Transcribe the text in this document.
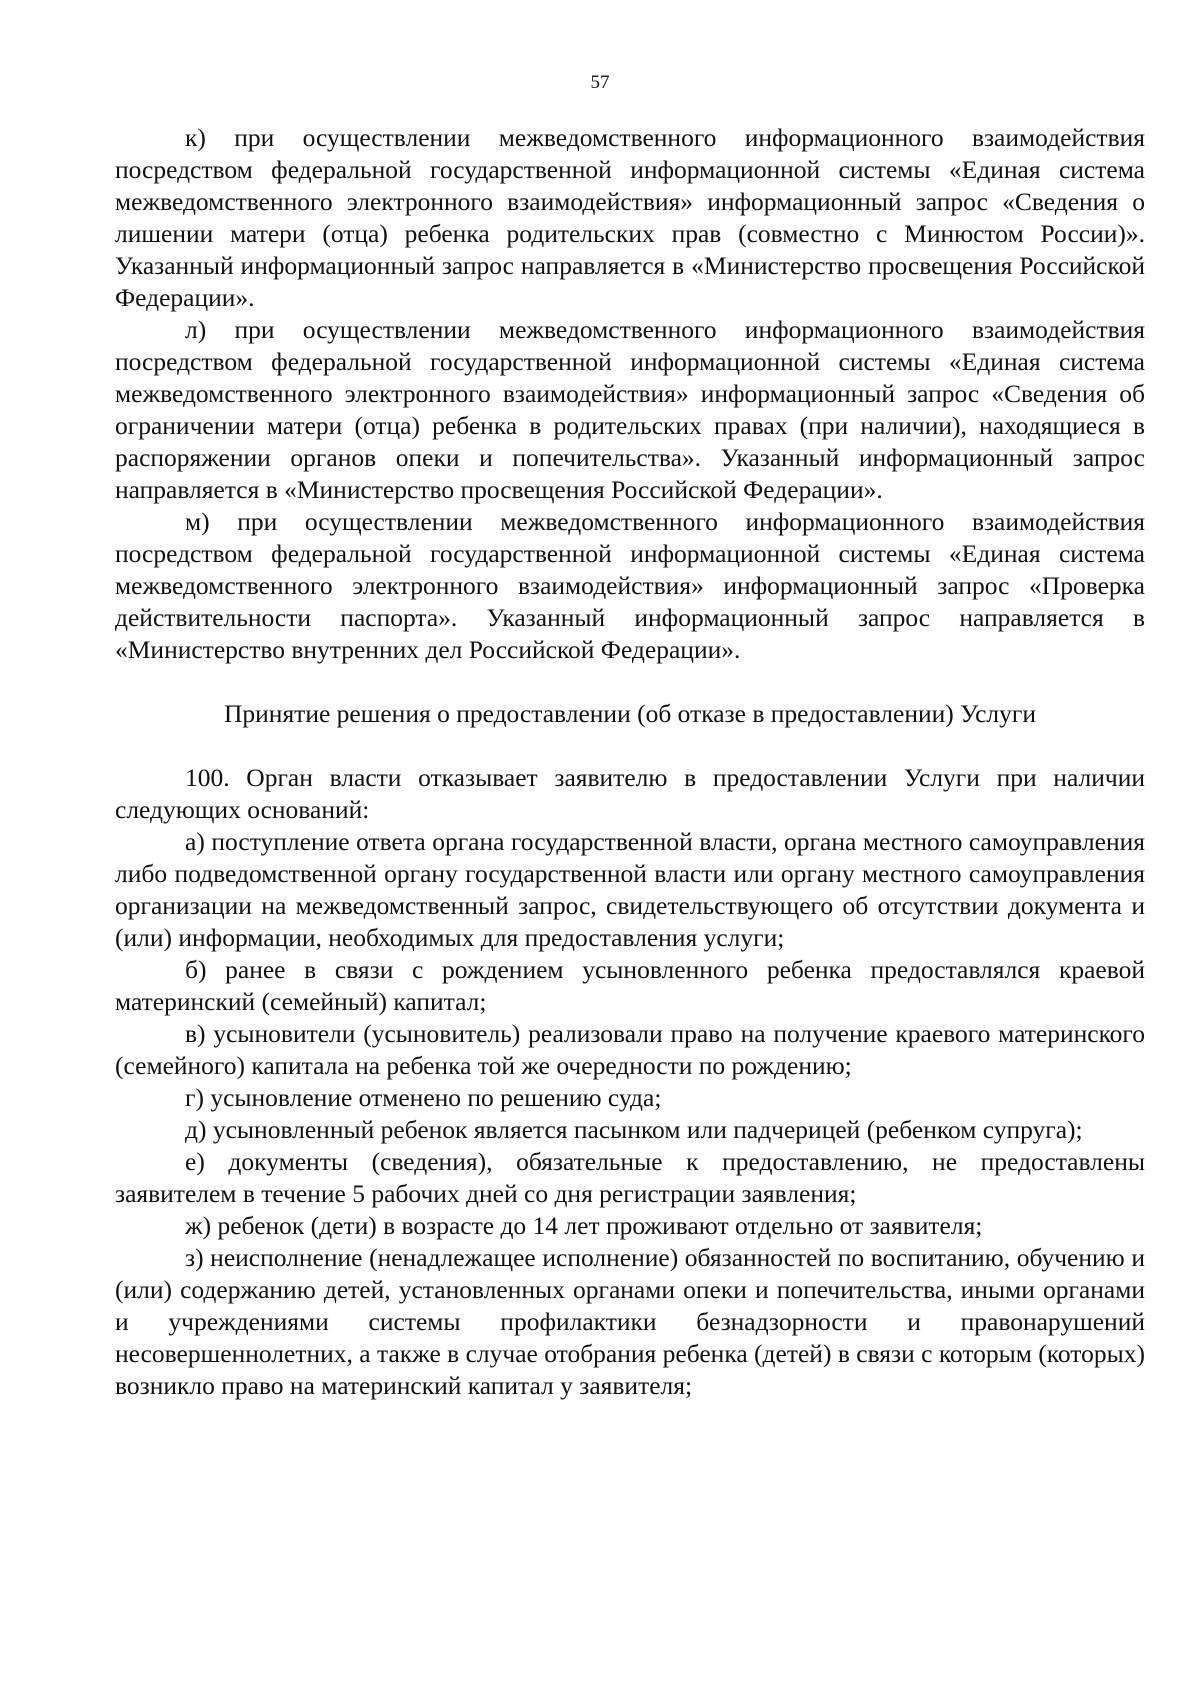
57

к) при осуществлении межведомственного информационного взаимодействия посредством федеральной государственной информационной системы «Единая система межведомственного электронного взаимодействия» информационный запрос «Сведения о лишении матери (отца) ребенка родительских прав (совместно с Минюстом России)». Указанный информационный запрос направляется в «Министерство просвещения Российской Федерации».

л) при осуществлении межведомственного информационного взаимодействия посредством федеральной государственной информационной системы «Единая система межведомственного электронного взаимодействия» информационный запрос «Сведения об ограничении матери (отца) ребенка в родительских правах (при наличии), находящиеся в распоряжении органов опеки и попечительства». Указанный информационный запрос направляется в «Министерство просвещения Российской Федерации».

м) при осуществлении межведомственного информационного взаимодействия посредством федеральной государственной информационной системы «Единая система межведомственного электронного взаимодействия» информационный запрос «Проверка действительности паспорта». Указанный информационный запрос направляется в «Министерство внутренних дел Российской Федерации».

Принятие решения о предоставлении (об отказе в предоставлении) Услуги

100. Орган власти отказывает заявителю в предоставлении Услуги при наличии следующих оснований:

а) поступление ответа органа государственной власти, органа местного самоуправления либо подведомственной органу государственной власти или органу местного самоуправления организации на межведомственный запрос, свидетельствующего об отсутствии документа и (или) информации, необходимых для предоставления услуги;

б) ранее в связи с рождением усыновленного ребенка предоставлялся краевой материнский (семейный) капитал;

в) усыновители (усыновитель) реализовали право на получение краевого материнского (семейного) капитала на ребенка той же очередности по рождению;

г) усыновление отменено по решению суда;

д) усыновленный ребенок является пасынком или падчерицей (ребенком супруга);

е) документы (сведения), обязательные к предоставлению, не предоставлены заявителем в течение 5 рабочих дней со дня регистрации заявления;

ж) ребенок (дети) в возрасте до 14 лет проживают отдельно от заявителя;

з) неисполнение (ненадлежащее исполнение) обязанностей по воспитанию, обучению и (или) содержанию детей, установленных органами опеки и попечительства, иными органами и учреждениями системы профилактики безнадзорности и правонарушений несовершеннолетних, а также в случае отобрания ребенка (детей) в связи с которым (которых) возникло право на материнский капитал у заявителя;
